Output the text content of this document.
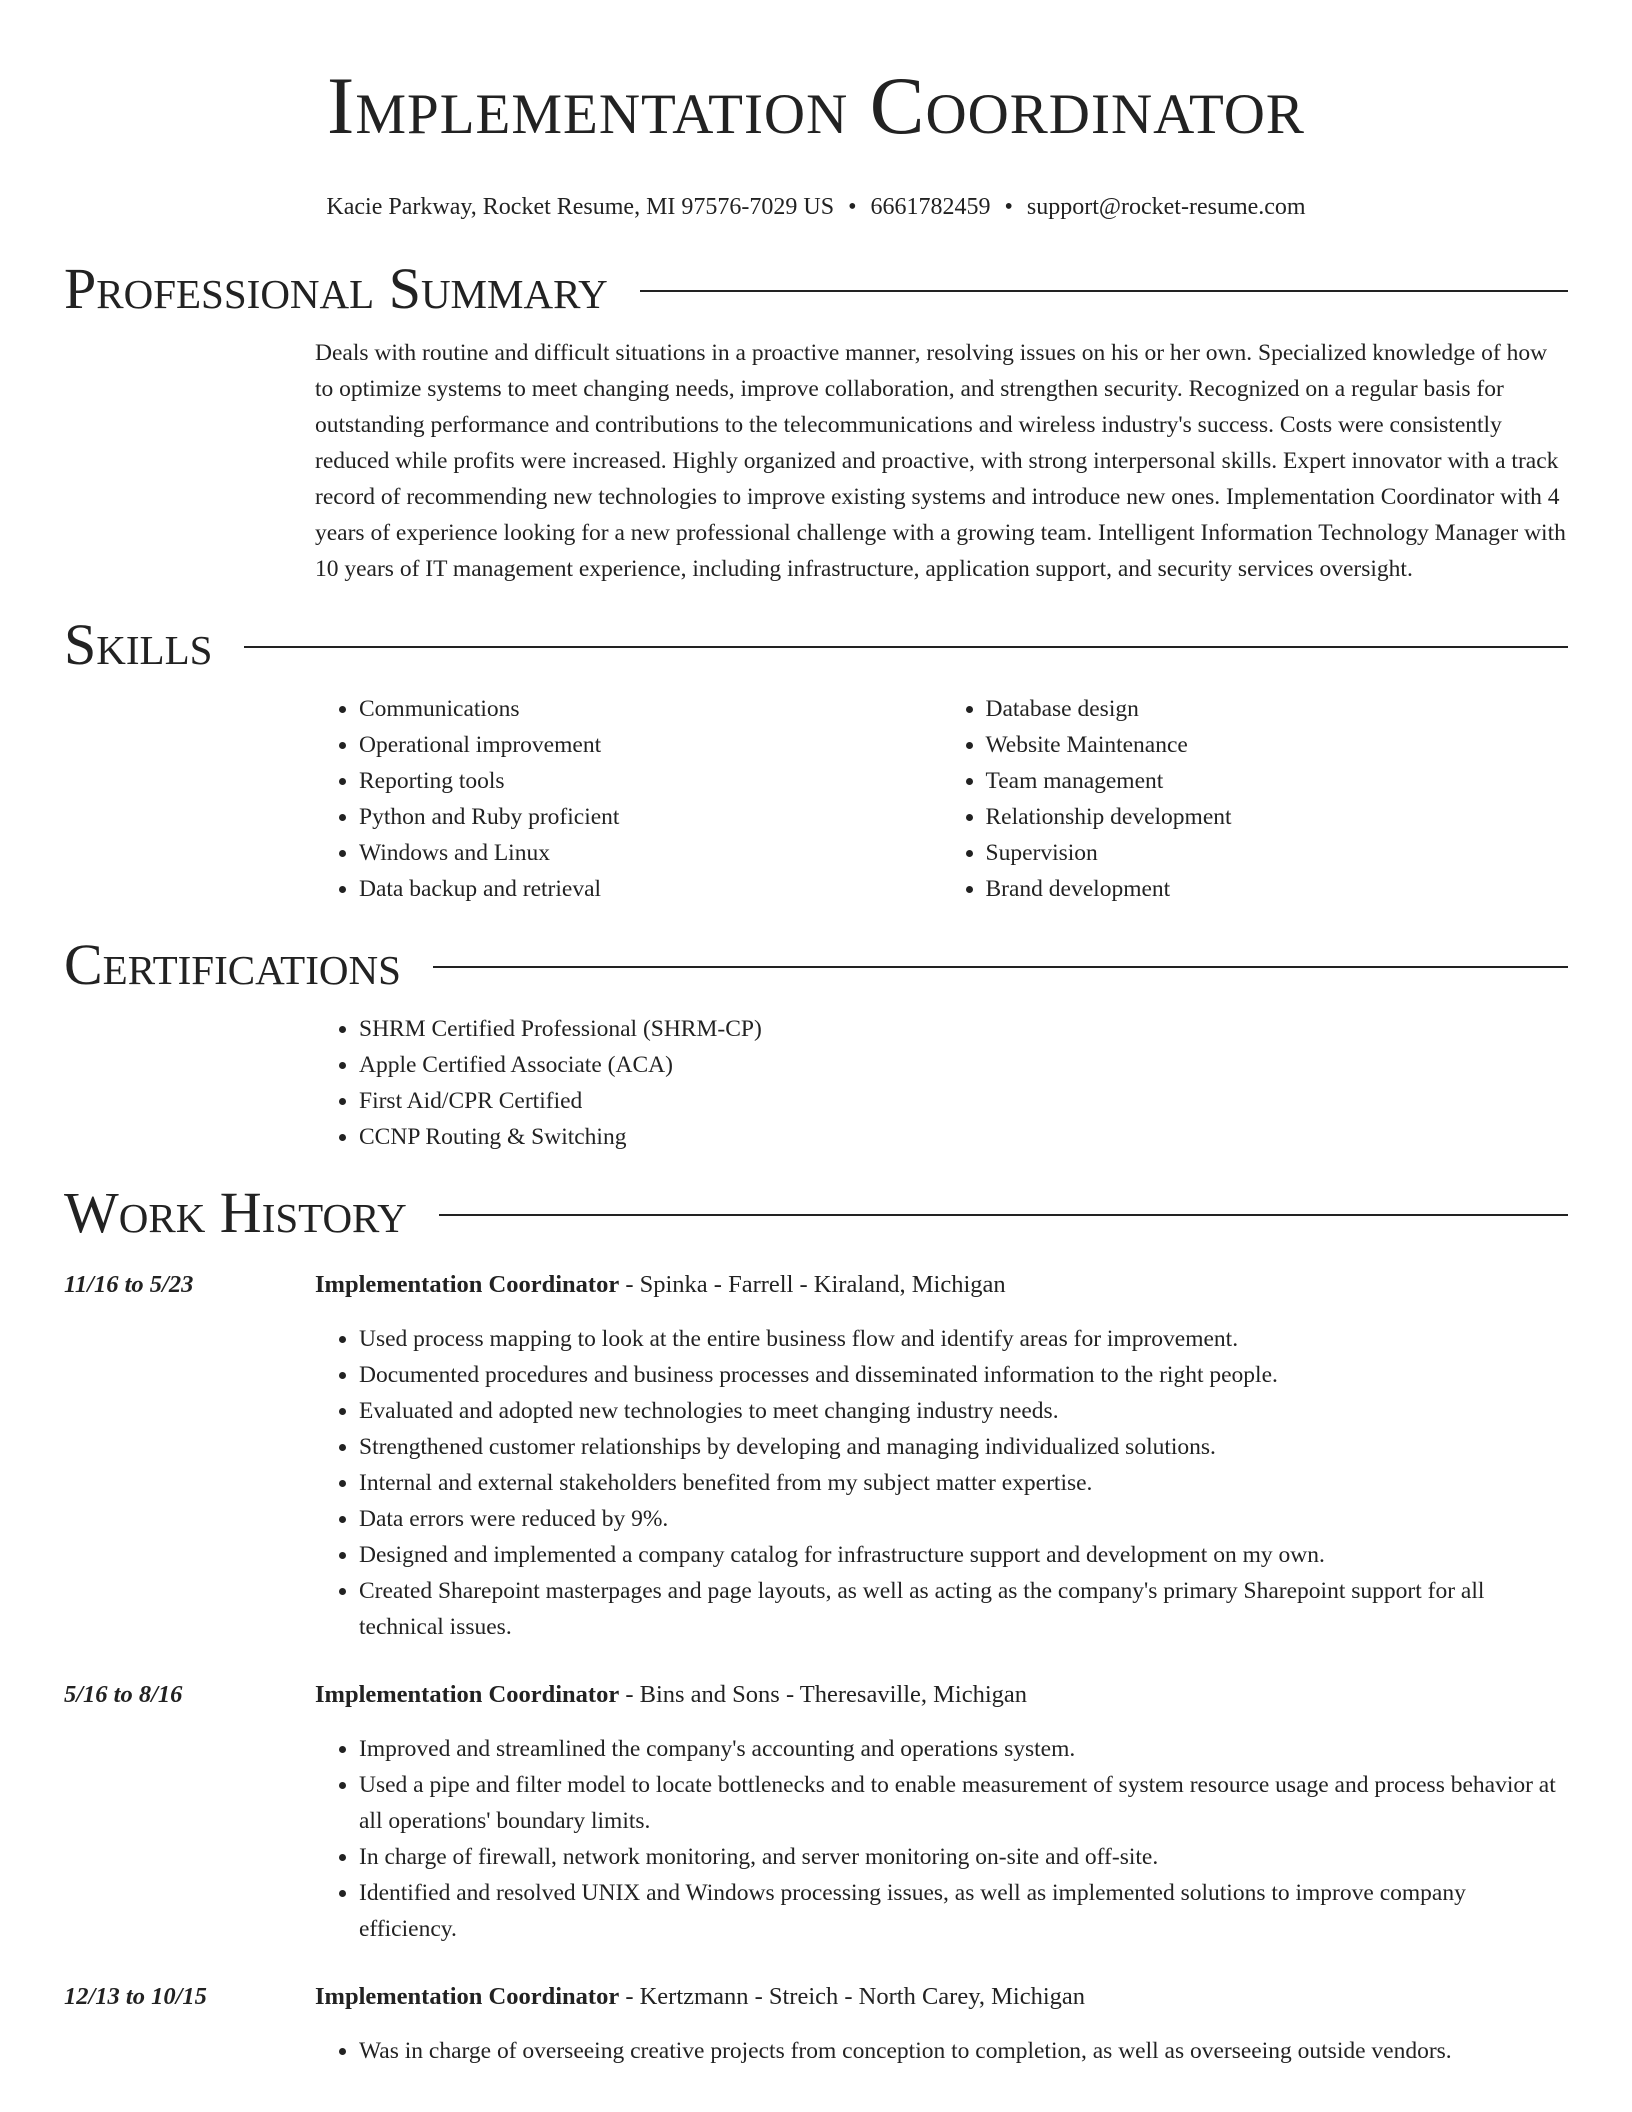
Implementation Coordinator
Kacie Parkway, Rocket Resume, MI 97576-7029 US • 6661782459 • support@rocket-resume.com
Professional Summary

Deals with routine and difficult situations in a proactive manner, resolving issues on his or her own. Specialized knowledge of how to optimize systems to meet changing needs, improve collaboration, and strengthen security. Recognized on a regular basis for outstanding performance and contributions to the telecommunications and wireless industry's success. Costs were consistently reduced while profits were increased. Highly organized and proactive, with strong interpersonal skills. Expert innovator with a track record of recommending new technologies to improve existing systems and introduce new ones. Implementation Coordinator with 4 years of experience looking for a new professional challenge with a growing team. Intelligent Information Technology Manager with 10 years of IT management experience, including infrastructure, application support, and security services oversight.

Skills
• Communications
• Operational improvement
• Reporting tools
• Python and Ruby proficient
• Windows and Linux
• Data backup and retrieval
• Database design
• Website Maintenance
• Team management
• Relationship development
• Supervision
• Brand development
Certifications
• SHRM Certified Professional (SHRM-CP)
• Apple Certified Associate (ACA)
• First Aid/CPR Certified
• CCNP Routing & Switching
Work History
11/16 to 5/23	Implementation Coordinator - Spinka - Farrell - Kiraland, Michigan
• Used process mapping to look at the entire business flow and identify areas for improvement.
• Documented procedures and business processes and disseminated information to the right people.
• Evaluated and adopted new technologies to meet changing industry needs.
• Strengthened customer relationships by developing and managing individualized solutions.
• Internal and external stakeholders benefited from my subject matter expertise.
• Data errors were reduced by 9%.
• Designed and implemented a company catalog for infrastructure support and development on my own.
• Created Sharepoint masterpages and page layouts, as well as acting as the company's primary Sharepoint support for all technical issues.
5/16 to 8/16	Implementation Coordinator - Bins and Sons - Theresaville, Michigan
• Improved and streamlined the company's accounting and operations system.
• Used a pipe and filter model to locate bottlenecks and to enable measurement of system resource usage and process behavior at all operations' boundary limits.
• In charge of firewall, network monitoring, and server monitoring on-site and off-site.
• Identified and resolved UNIX and Windows processing issues, as well as implemented solutions to improve company efficiency.
12/13 to 10/15	Implementation Coordinator - Kertzmann - Streich - North Carey, Michigan
• Was in charge of overseeing creative projects from conception to completion, as well as overseeing outside vendors.
